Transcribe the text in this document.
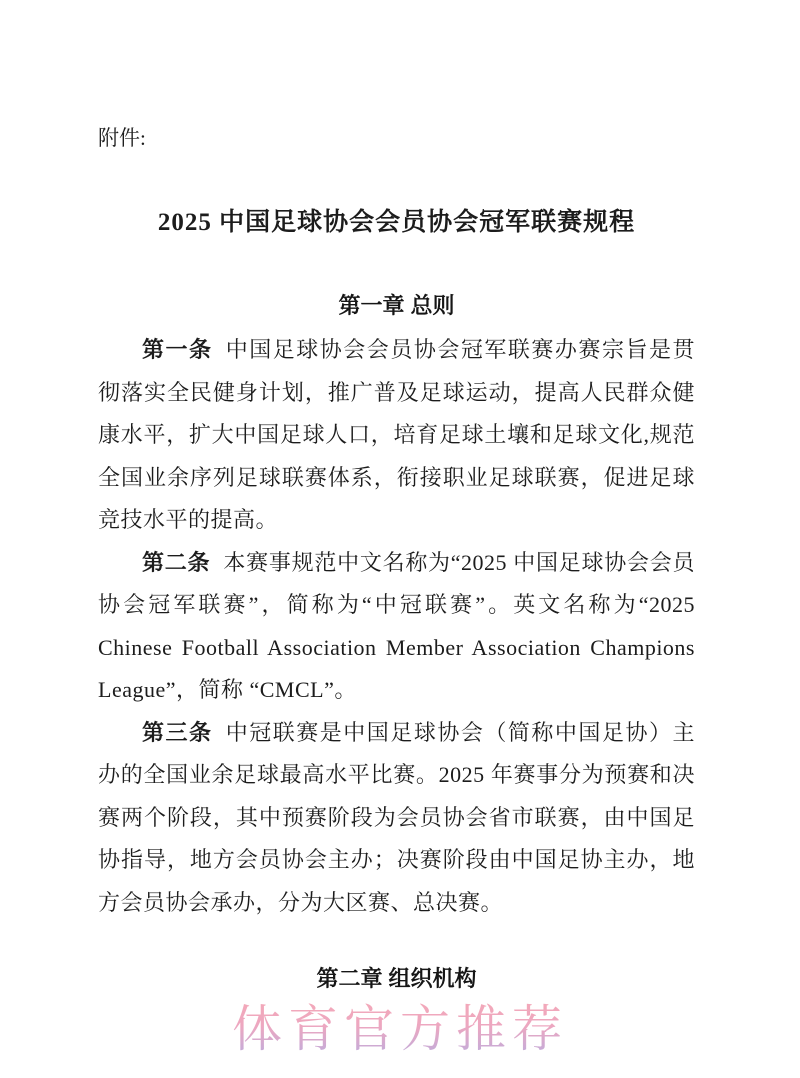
附件:
2025 中国足球协会会员协会冠军联赛规程
第一章 总则

第一条 中国足球协会会员协会冠军联赛办赛宗旨是贯彻落实全民健身计划，推广普及足球运动，提高人民群众健康水平，扩大中国足球人口，培育足球土壤和足球文化,规范全国业余序列足球联赛体系，衔接职业足球联赛，促进足球竞技水平的提高。

第二条 本赛事规范中文名称为“2025 中国足球协会会员协会冠军联赛”，简称为“中冠联赛”。英文名称为“2025 Chinese Football Association Member Association Champions League”，简称 “CMCL”。

第三条 中冠联赛是中国足球协会（简称中国足协）主办的全国业余足球最高水平比赛。2025 年赛事分为预赛和决赛两个阶段，其中预赛阶段为会员协会省市联赛，由中国足协指导，地方会员协会主办；决赛阶段由中国足协主办，地方会员协会承办，分为大区赛、总决赛。

第二章 组织机构
体育官方推荐
